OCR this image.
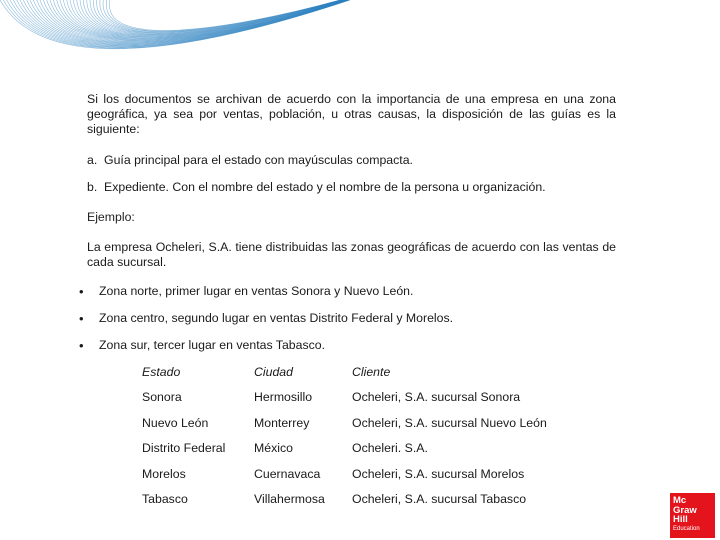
Si los documentos se archivan de acuerdo con la importancia de una empresa en una zona geográfica, ya sea por ventas, población, u otras causas, la disposición de las guías es la siguiente:

a. Guía principal para el estado con mayúsculas compacta.
b. Expediente. Con el nombre del estado y el nombre de la persona u organización.
Ejemplo:

La empresa Ocheleri, S.A. tiene distribuidas las zonas geográficas de acuerdo con las ventas de cada sucursal.

•	Zona norte, primer lugar en ventas Sonora y Nuevo León.
•	Zona centro, segundo lugar en ventas Distrito Federal y Morelos.
•	Zona sur, tercer lugar en ventas Tabasco.
Estado	Ciudad	Cliente
Sonora	Hermosillo	Ocheleri, S.A. sucursal Sonora
Nuevo León	Monterrey	Ocheleri, S.A. sucursal Nuevo León
Distrito Federal	México	Ocheleri. S.A.
Morelos	Cuernavaca	Ocheleri, S.A. sucursal Morelos
Tabasco	Villahermosa	Ocheleri, S.A. sucursal Tabasco	Mc
Graw
Hill
Education
